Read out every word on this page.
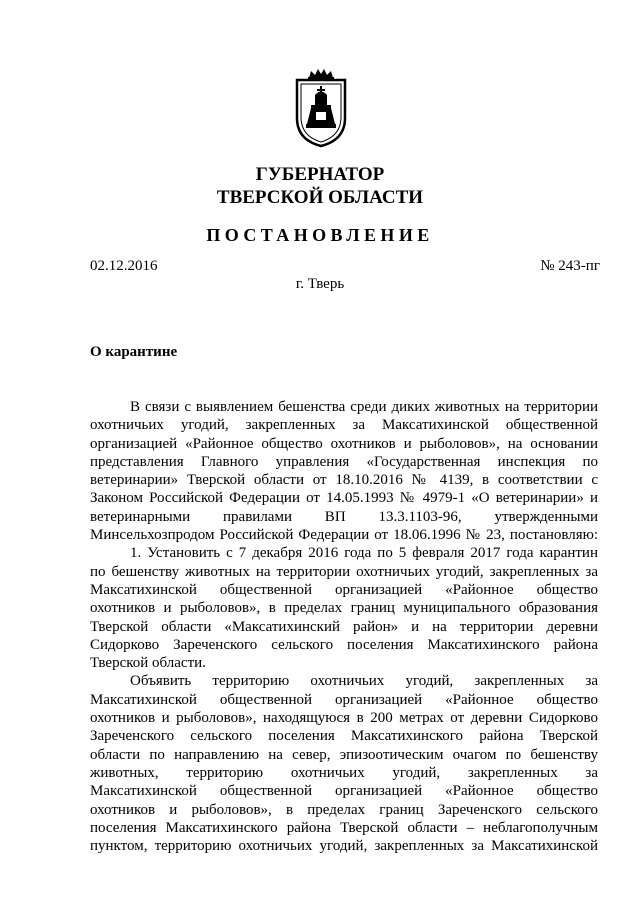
ГУБЕРНАТОР
ТВЕРСКОЙ ОБЛАСТИ
ПОСТАНОВЛЕНИЕ
02.12.2016	№ 243-пг
г. Тверь
О карантине
В связи с выявлением бешенства среди диких животных на территории
охотничьих угодий, закрепленных за Максатихинской общественной
организацией «Районное общество охотников и рыболовов», на основании
представления Главного управления «Государственная инспекция по
ветеринарии» Тверской области от 18.10.2016 № 4139, в соответствии с
Законом Российской Федерации от 14.05.1993 № 4979-1 «О ветеринарии» и
ветеринарными правилами ВП 13.3.1103-96, утвержденными
Минсельхозпродом Российской Федерации от 18.06.1996 № 23, постановляю:
1. Установить с 7 декабря 2016 года по 5 февраля 2017 года карантин
по бешенству животных на территории охотничьих угодий, закрепленных за
Максатихинской общественной организацией «Районное общество
охотников и рыболовов», в пределах границ муниципального образования
Тверской области «Максатихинский район» и на территории деревни
Сидорково Зареченского сельского поселения Максатихинского района
Тверской области.
Объявить территорию охотничьих угодий, закрепленных за
Максатихинской общественной организацией «Районное общество
охотников и рыболовов», находящуюся в 200 метрах от деревни Сидорково
Зареченского сельского поселения Максатихинского района Тверской
области по направлению на север, эпизоотическим очагом по бешенству
животных, территорию охотничьих угодий, закрепленных за
Максатихинской общественной организацией «Районное общество
охотников и рыболовов», в пределах границ Зареченского сельского
поселения Максатихинского района Тверской области – неблагополучным
пунктом, территорию охотничьих угодий, закрепленных за Максатихинской
